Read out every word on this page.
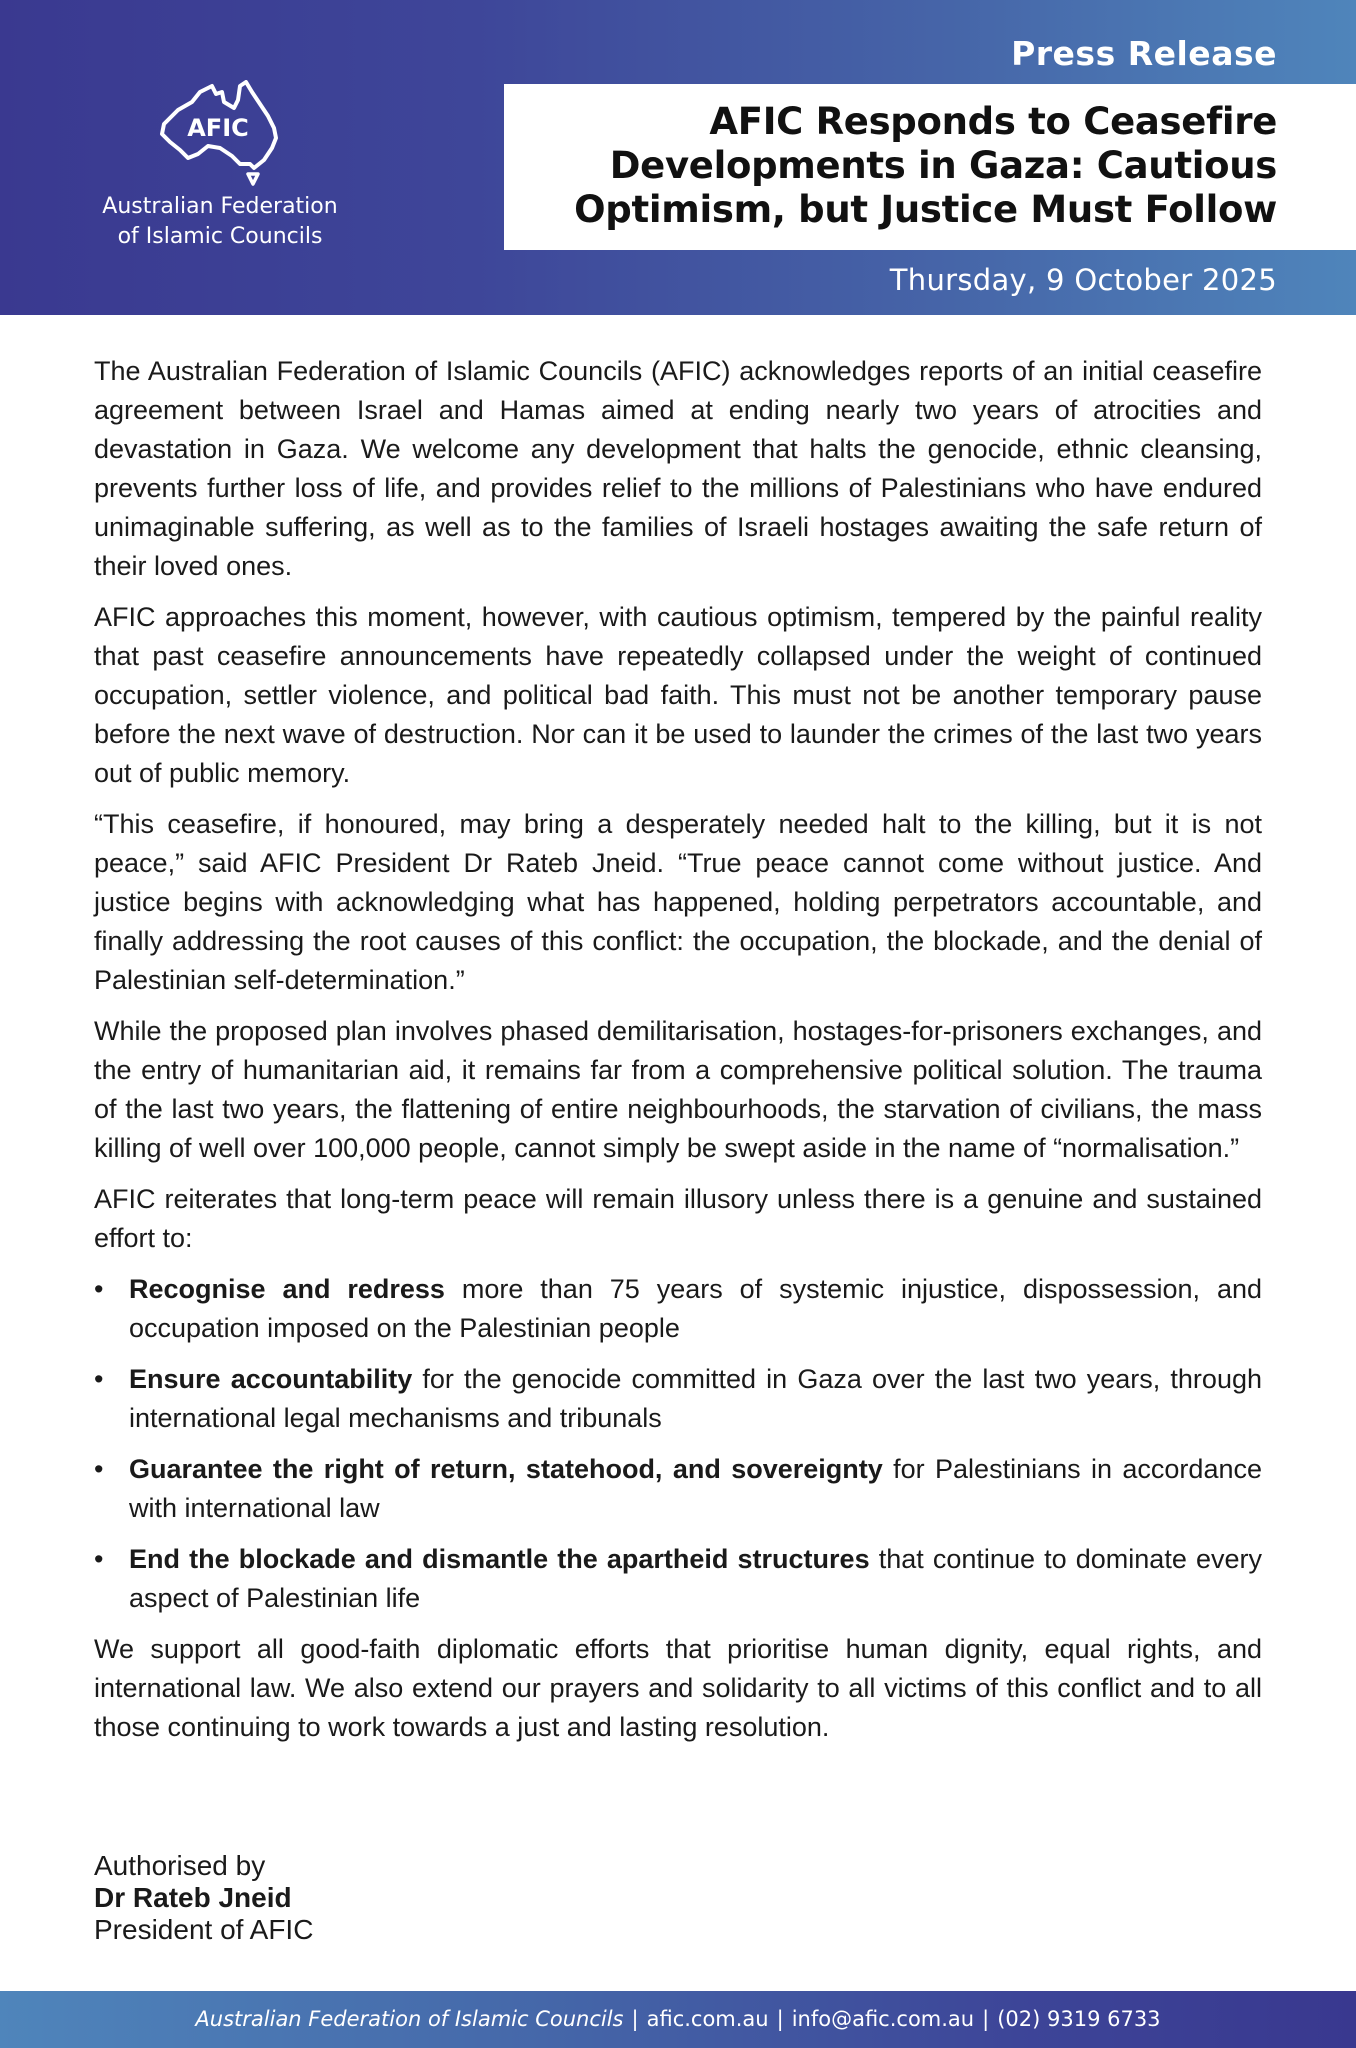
AFIC
Australian Federation
of Islamic Councils
Press Release
AFIC Responds to Ceasefire
Developments in Gaza: Cautious
Optimism, but Justice Must Follow
Thursday, 9 October 2025

The Australian Federation of Islamic Councils (AFIC) acknowledges reports of an initial ceasefire agreement between Israel and Hamas aimed at ending nearly two years of atrocities and devastation in Gaza. We welcome any development that halts the genocide, ethnic cleansing, prevents further loss of life, and provides relief to the millions of Palestinians who have endured unimaginable suffering, as well as to the families of Israeli hostages awaiting the safe return of their loved ones.

AFIC approaches this moment, however, with cautious optimism, tempered by the painful reality that past ceasefire announcements have repeatedly collapsed under the weight of continued occupation, settler violence, and political bad faith. This must not be another temporary pause before the next wave of destruction. Nor can it be used to launder the crimes of the last two years out of public memory.

“This ceasefire, if honoured, may bring a desperately needed halt to the killing, but it is not peace,” said AFIC President Dr Rateb Jneid. “True peace cannot come without justice. And justice begins with acknowledging what has happened, holding perpetrators accountable, and finally addressing the root causes of this conflict: the occupation, the blockade, and the denial of Palestinian self-determination.”

While the proposed plan involves phased demilitarisation, hostages-for-prisoners exchanges, and the entry of humanitarian aid, it remains far from a comprehensive political solution. The trauma of the last two years, the flattening of entire neighbourhoods, the starvation of civilians, the mass killing of well over 100,000 people, cannot simply be swept aside in the name of “normalisation.”

AFIC reiterates that long-term peace will remain illusory unless there is a genuine and sustained effort to:

• Recognise and redress more than 75 years of systemic injustice, dispossession, and occupation imposed on the Palestinian people
• Ensure accountability for the genocide committed in Gaza over the last two years, through international legal mechanisms and tribunals
• Guarantee the right of return, statehood, and sovereignty for Palestinians in accordance with international law
• End the blockade and dismantle the apartheid structures that continue to dominate every aspect of Palestinian life

We support all good-faith diplomatic efforts that prioritise human dignity, equal rights, and international law. We also extend our prayers and solidarity to all victims of this conflict and to all those continuing to work towards a just and lasting resolution.

Authorised by
Dr Rateb Jneid
President of AFIC
Australian Federation of Islamic Councils | afic.com.au | info@afic.com.au | (02) 9319 6733
